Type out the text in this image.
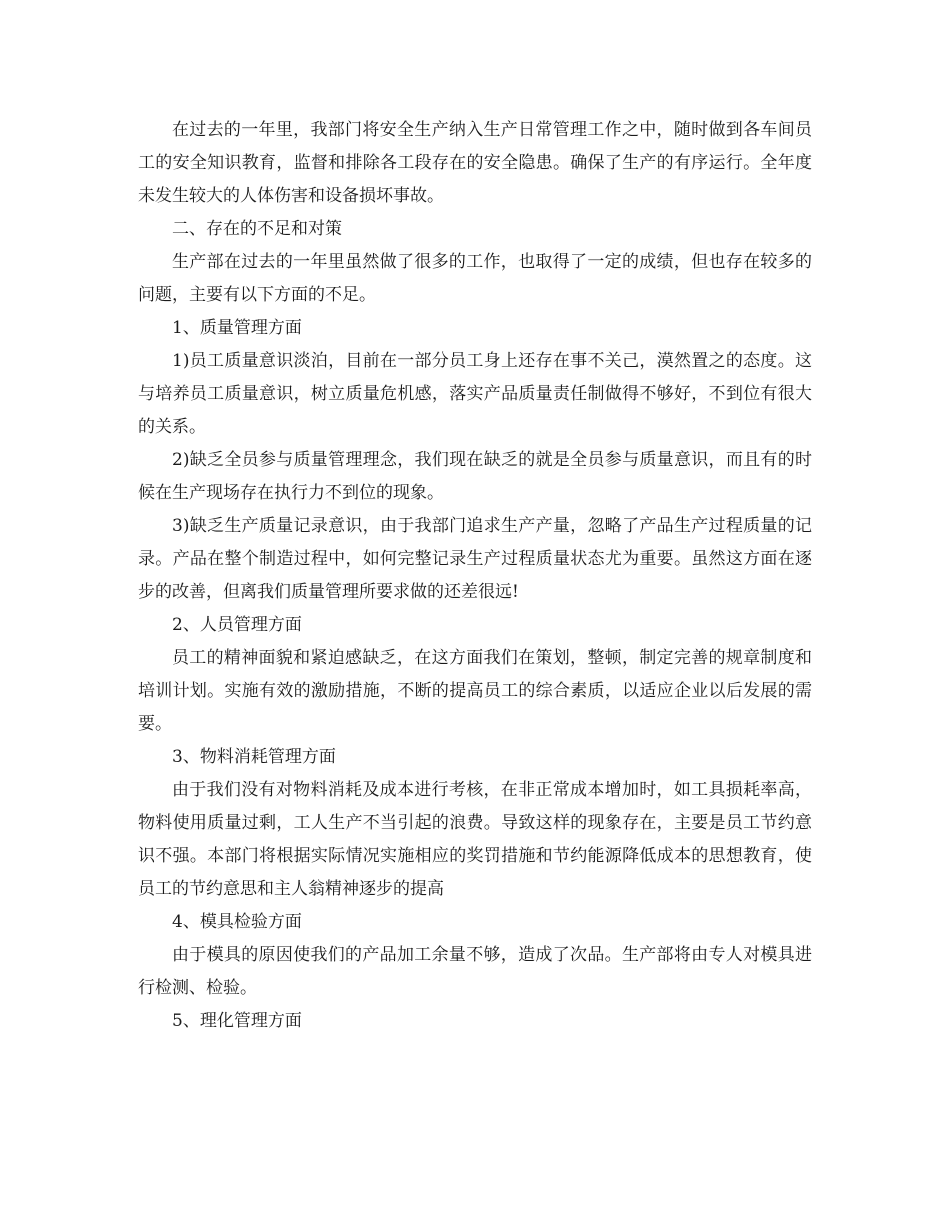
在过去的一年里，我部门将安全生产纳入生产日常管理工作之中，随时做到各车间员工的安全知识教育，监督和排除各工段存在的安全隐患。确保了生产的有序运行。全年度未发生较大的人体伤害和设备损坏事故。

二、存在的不足和对策

生产部在过去的一年里虽然做了很多的工作，也取得了一定的成绩，但也存在较多的问题，主要有以下方面的不足。

1、质量管理方面

1)员工质量意识淡泊，目前在一部分员工身上还存在事不关己，漠然置之的态度。这与培养员工质量意识，树立质量危机感，落实产品质量责任制做得不够好，不到位有很大的关系。

2)缺乏全员参与质量管理理念，我们现在缺乏的就是全员参与质量意识，而且有的时候在生产现场存在执行力不到位的现象。

3)缺乏生产质量记录意识，由于我部门追求生产产量，忽略了产品生产过程质量的记录。产品在整个制造过程中，如何完整记录生产过程质量状态尤为重要。虽然这方面在逐步的改善，但离我们质量管理所要求做的还差很远!

2、人员管理方面

员工的精神面貌和紧迫感缺乏，在这方面我们在策划，整顿，制定完善的规章制度和培训计划。实施有效的激励措施，不断的提高员工的综合素质，以适应企业以后发展的需要。

3、物料消耗管理方面

由于我们没有对物料消耗及成本进行考核，在非正常成本增加时，如工具损耗率高，物料使用质量过剩，工人生产不当引起的浪费。导致这样的现象存在，主要是员工节约意识不强。本部门将根据实际情况实施相应的奖罚措施和节约能源降低成本的思想教育，使员工的节约意思和主人翁精神逐步的提高

4、模具检验方面

由于模具的原因使我们的产品加工余量不够，造成了次品。生产部将由专人对模具进行检测、检验。

5、理化管理方面
